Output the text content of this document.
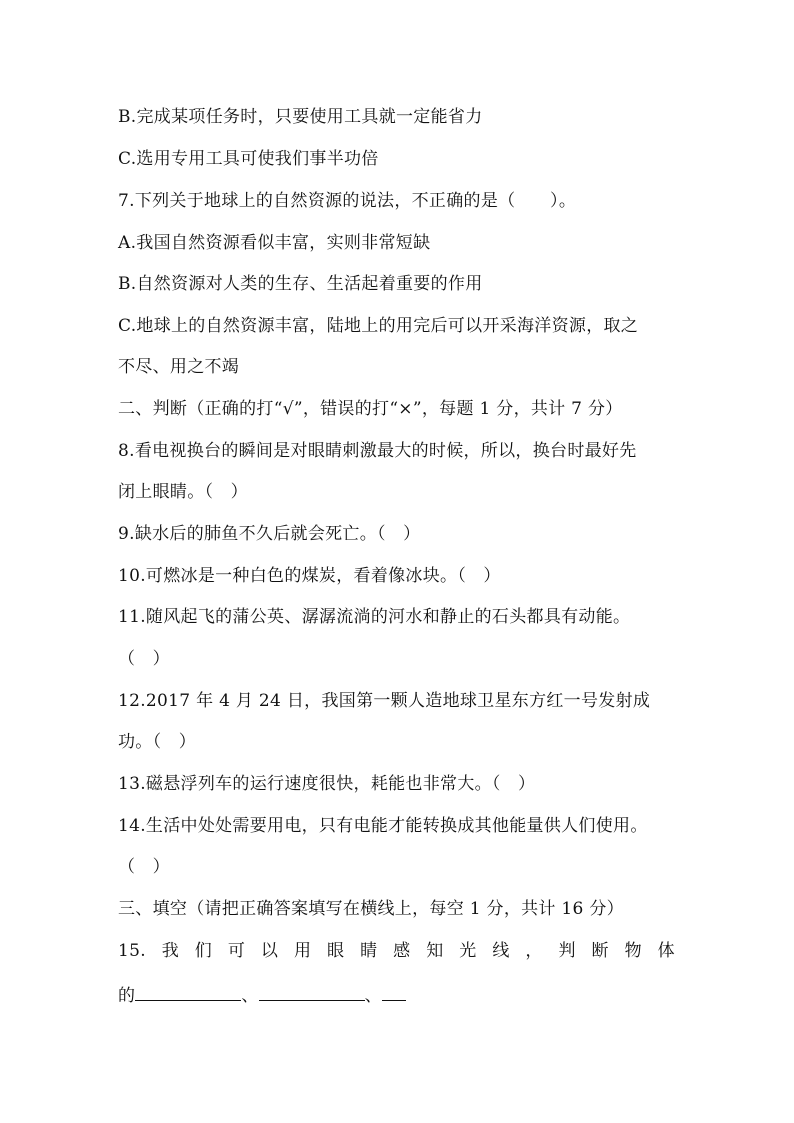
B.完成某项任务时，只要使用工具就一定能省力
C.选用专用工具可使我们事半功倍
7.下列关于地球上的自然资源的说法，不正确的是（　　）。
A.我国自然资源看似丰富，实则非常短缺
B.自然资源对人类的生存、生活起着重要的作用
C.地球上的自然资源丰富，陆地上的用完后可以开采海洋资源，取之
不尽、用之不竭
二、判断（正确的打“√”，错误的打“×”，每题 1 分，共计 7 分）
8.看电视换台的瞬间是对眼睛刺激最大的时候，所以，换台时最好先
闭上眼睛。（　）
9.缺水后的肺鱼不久后就会死亡。（　）
10.可燃冰是一种白色的煤炭，看着像冰块。（　）
11.随风起飞的蒲公英、潺潺流淌的河水和静止的石头都具有动能。
（　）
12.2017 年 4 月 24 日，我国第一颗人造地球卫星东方红一号发射成
功。（　）
13.磁悬浮列车的运行速度很快，耗能也非常大。（　）
14.生活中处处需要用电，只有电能才能转换成其他能量供人们使用。
（　）
三、填空（请把正确答案填写在横线上，每空 1 分，共计 16 分）
15. 我 们 可 以 用 眼 睛 感 知 光 线 ， 判 断 物 体
的	、	、
